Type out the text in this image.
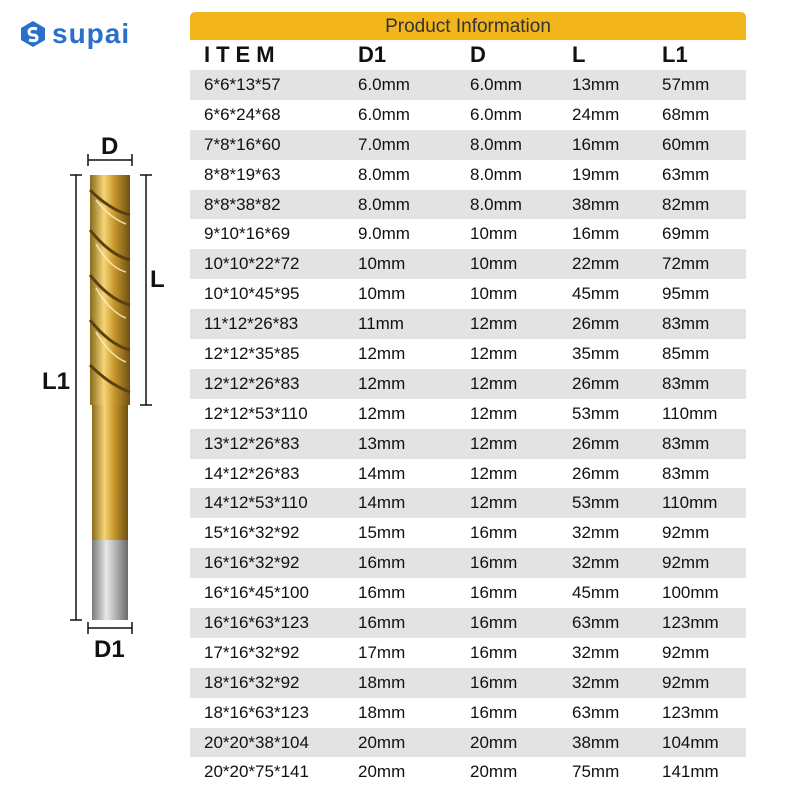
supai
D
L
L1
D1
Product Information
ITEM	D1	D	L	L1
6*6*13*57	6.0mm	6.0mm	13mm	57mm
6*6*24*68	6.0mm	6.0mm	24mm	68mm
7*8*16*60	7.0mm	8.0mm	16mm	60mm
8*8*19*63	8.0mm	8.0mm	19mm	63mm
8*8*38*82	8.0mm	8.0mm	38mm	82mm
9*10*16*69	9.0mm	10mm	16mm	69mm
10*10*22*72	10mm	10mm	22mm	72mm
10*10*45*95	10mm	10mm	45mm	95mm
11*12*26*83	11mm	12mm	26mm	83mm
12*12*35*85	12mm	12mm	35mm	85mm
12*12*26*83	12mm	12mm	26mm	83mm
12*12*53*110	12mm	12mm	53mm	110mm
13*12*26*83	13mm	12mm	26mm	83mm
14*12*26*83	14mm	12mm	26mm	83mm
14*12*53*110	14mm	12mm	53mm	110mm
15*16*32*92	15mm	16mm	32mm	92mm
16*16*32*92	16mm	16mm	32mm	92mm
16*16*45*100	16mm	16mm	45mm	100mm
16*16*63*123	16mm	16mm	63mm	123mm
17*16*32*92	17mm	16mm	32mm	92mm
18*16*32*92	18mm	16mm	32mm	92mm
18*16*63*123	18mm	16mm	63mm	123mm
20*20*38*104	20mm	20mm	38mm	104mm
20*20*75*141	20mm	20mm	75mm	141mm
